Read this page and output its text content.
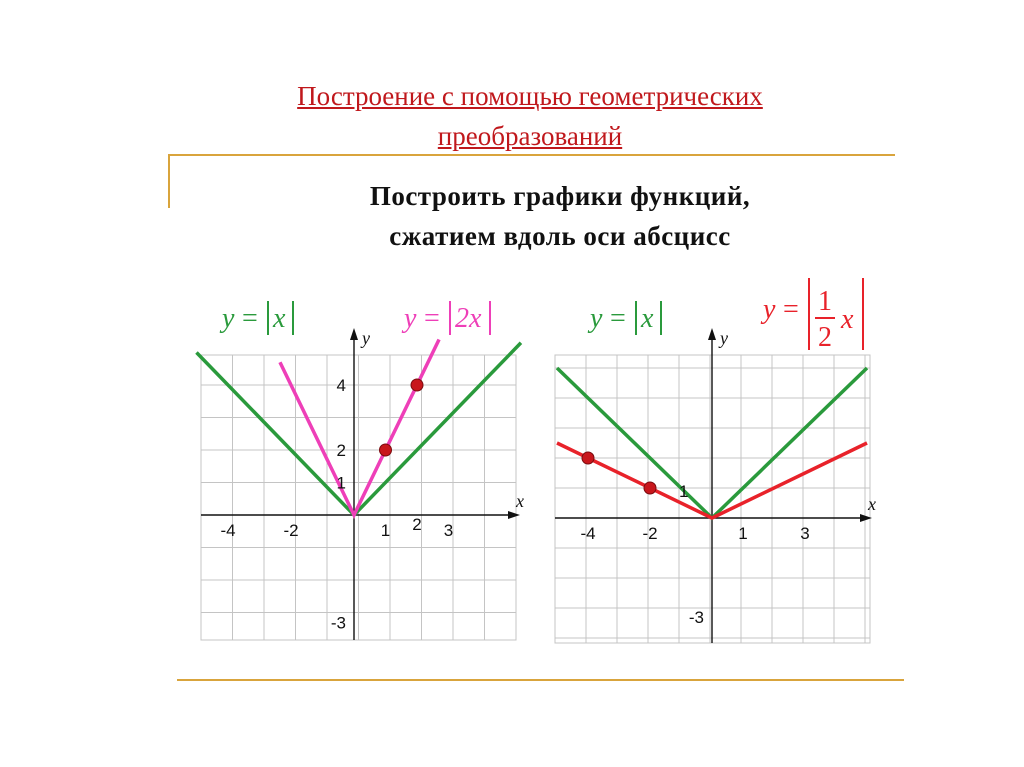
Построение с помощью геометрических
преобразований
Построить графики функций,
сжатием вдоль оси абсцисс
y
x
-4	-2	1 2 3
4
2
1
-3
y = x	y = 2x
y
x
-4	-2	1	3
1
-3
y = x	y = 1
2
x
